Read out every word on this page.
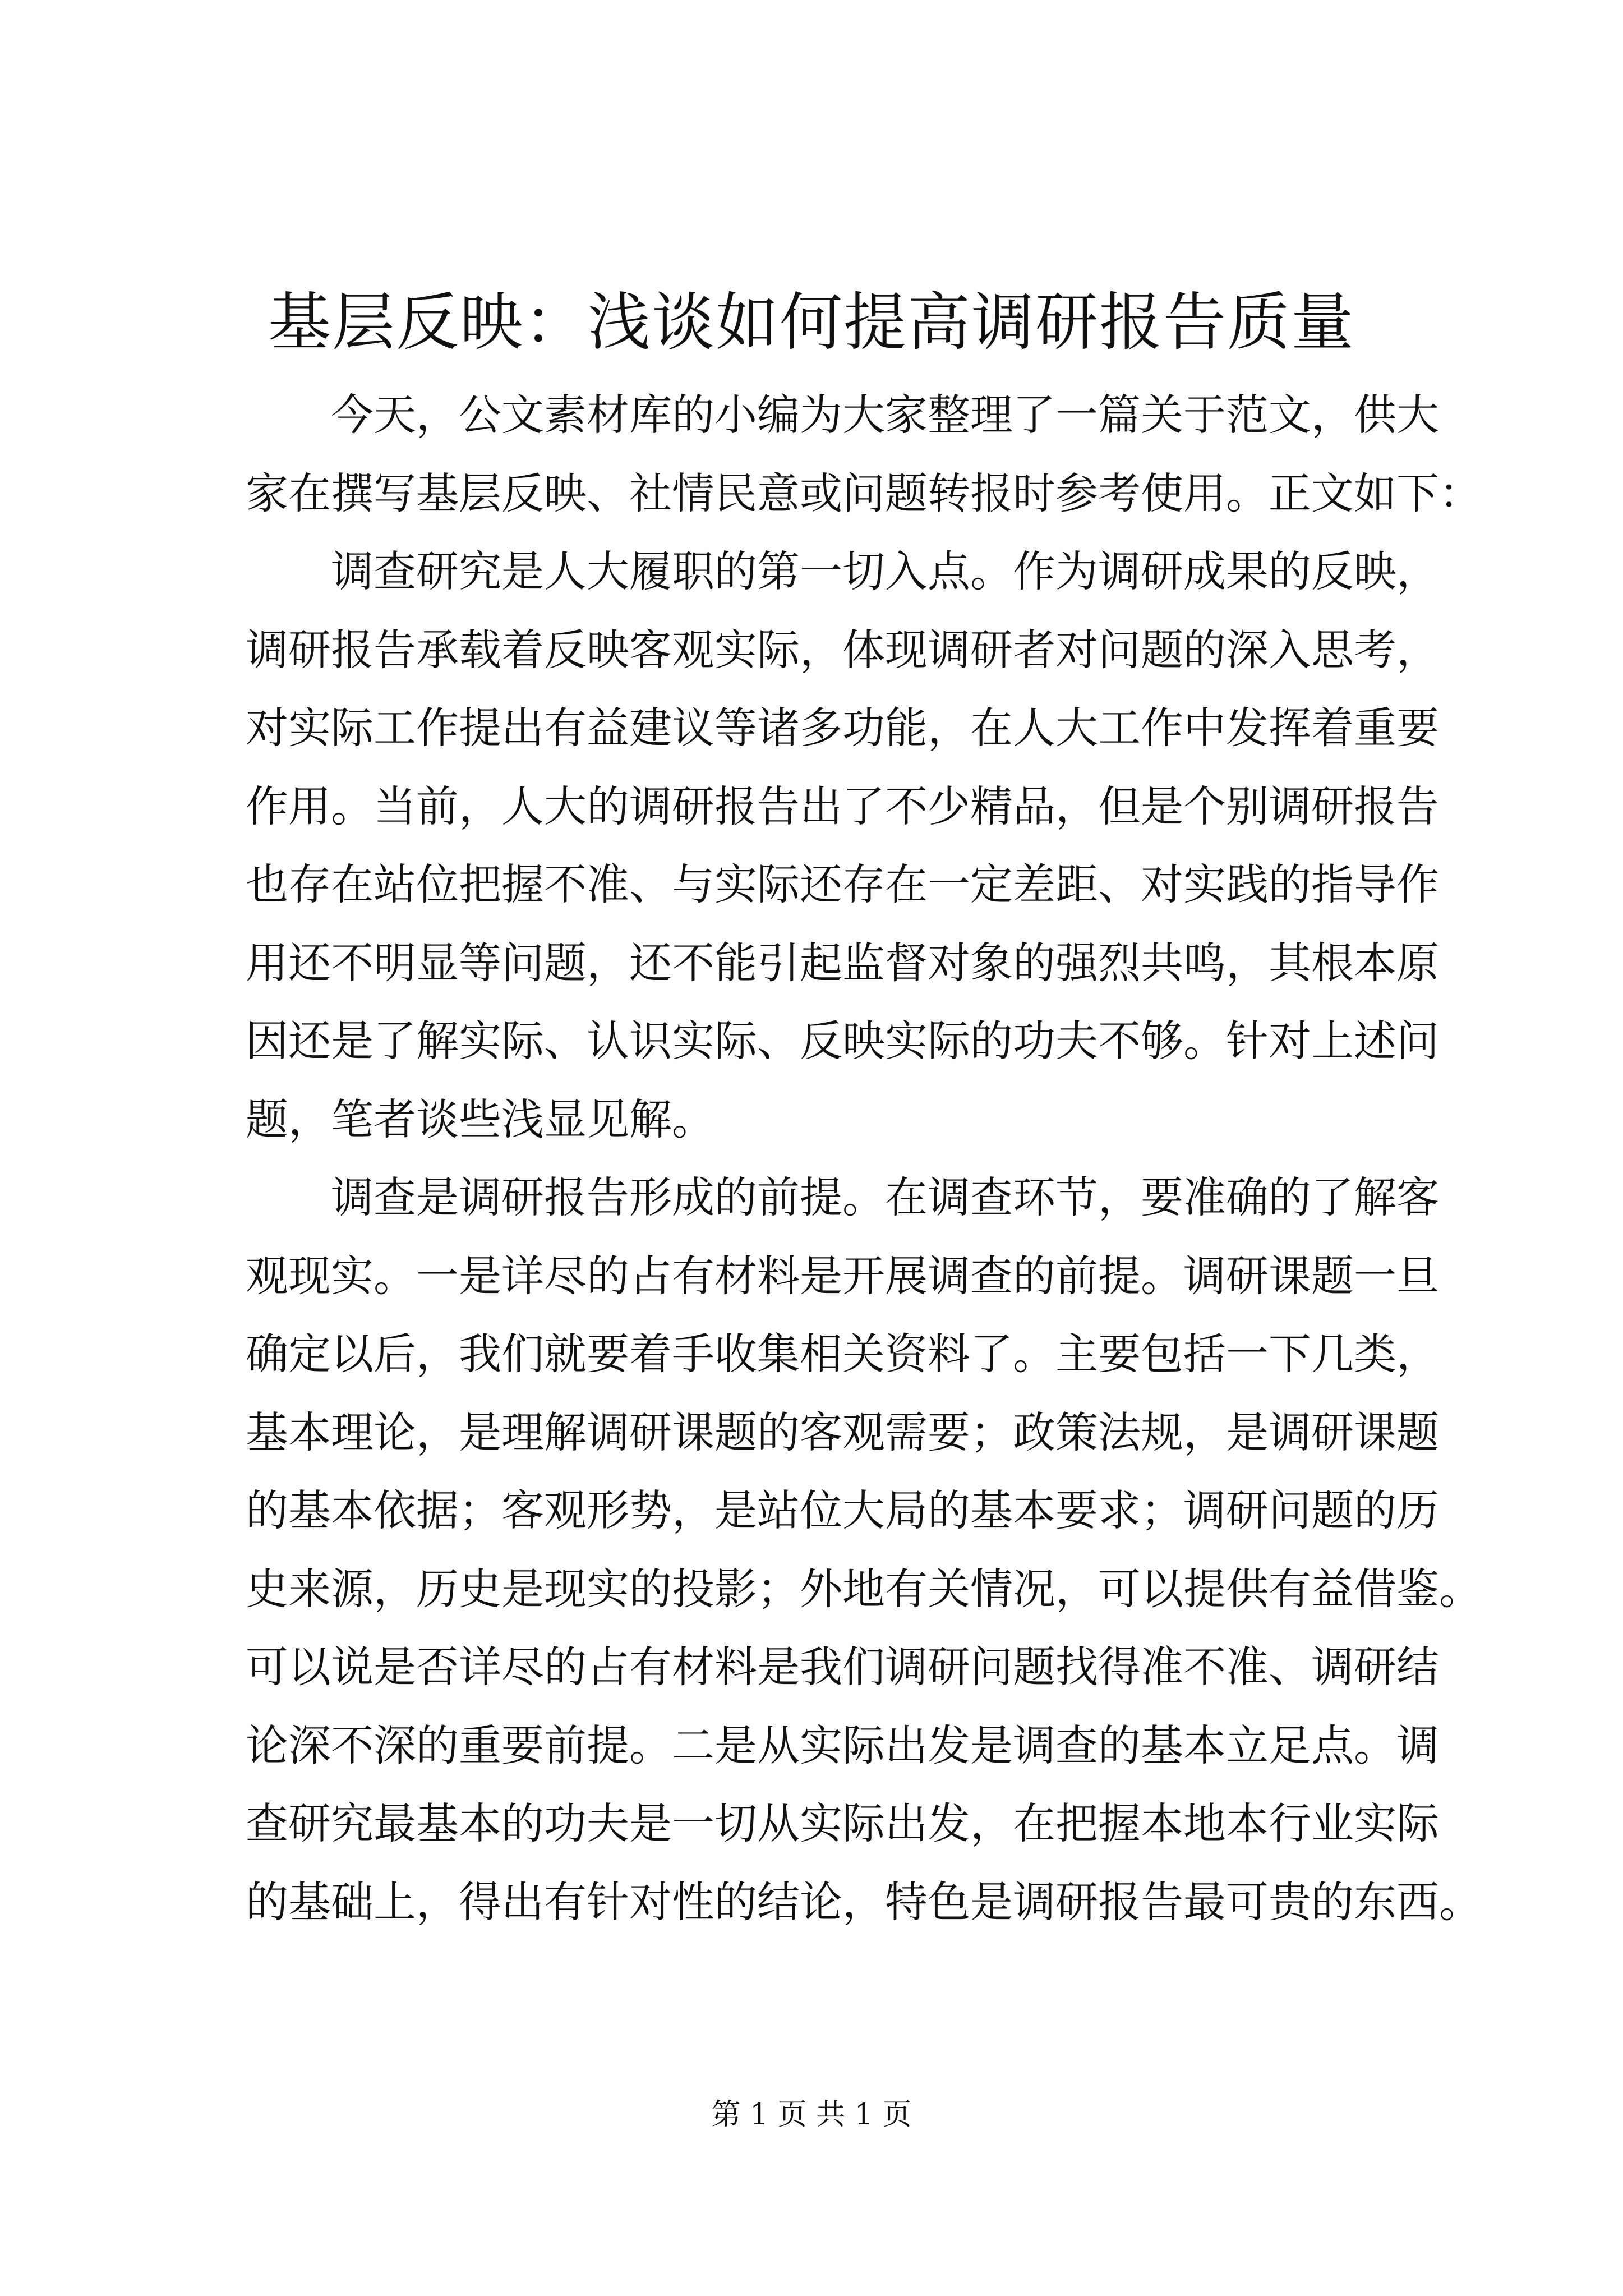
基层反映：浅谈如何提高调研报告质量
今天，公文素材库的小编为大家整理了一篇关于范文，供大
家在撰写基层反映、社情民意或问题转报时参考使用。正文如下：
调查研究是人大履职的第一切入点。作为调研成果的反映，
调研报告承载着反映客观实际，体现调研者对问题的深入思考，
对实际工作提出有益建议等诸多功能，在人大工作中发挥着重要
作用。当前，人大的调研报告出了不少精品，但是个别调研报告
也存在站位把握不准、与实际还存在一定差距、对实践的指导作
用还不明显等问题，还不能引起监督对象的强烈共鸣，其根本原
因还是了解实际、认识实际、反映实际的功夫不够。针对上述问
题，笔者谈些浅显见解。
调查是调研报告形成的前提。在调查环节，要准确的了解客
观现实。一是详尽的占有材料是开展调查的前提。调研课题一旦
确定以后，我们就要着手收集相关资料了。主要包括一下几类，
基本理论，是理解调研课题的客观需要；政策法规，是调研课题
的基本依据；客观形势，是站位大局的基本要求；调研问题的历
史来源，历史是现实的投影；外地有关情况，可以提供有益借鉴。
可以说是否详尽的占有材料是我们调研问题找得准不准、调研结
论深不深的重要前提。二是从实际出发是调查的基本立足点。调
查研究最基本的功夫是一切从实际出发，在把握本地本行业实际
的基础上，得出有针对性的结论，特色是调研报告最可贵的东西。
第 1 页 共 1 页
